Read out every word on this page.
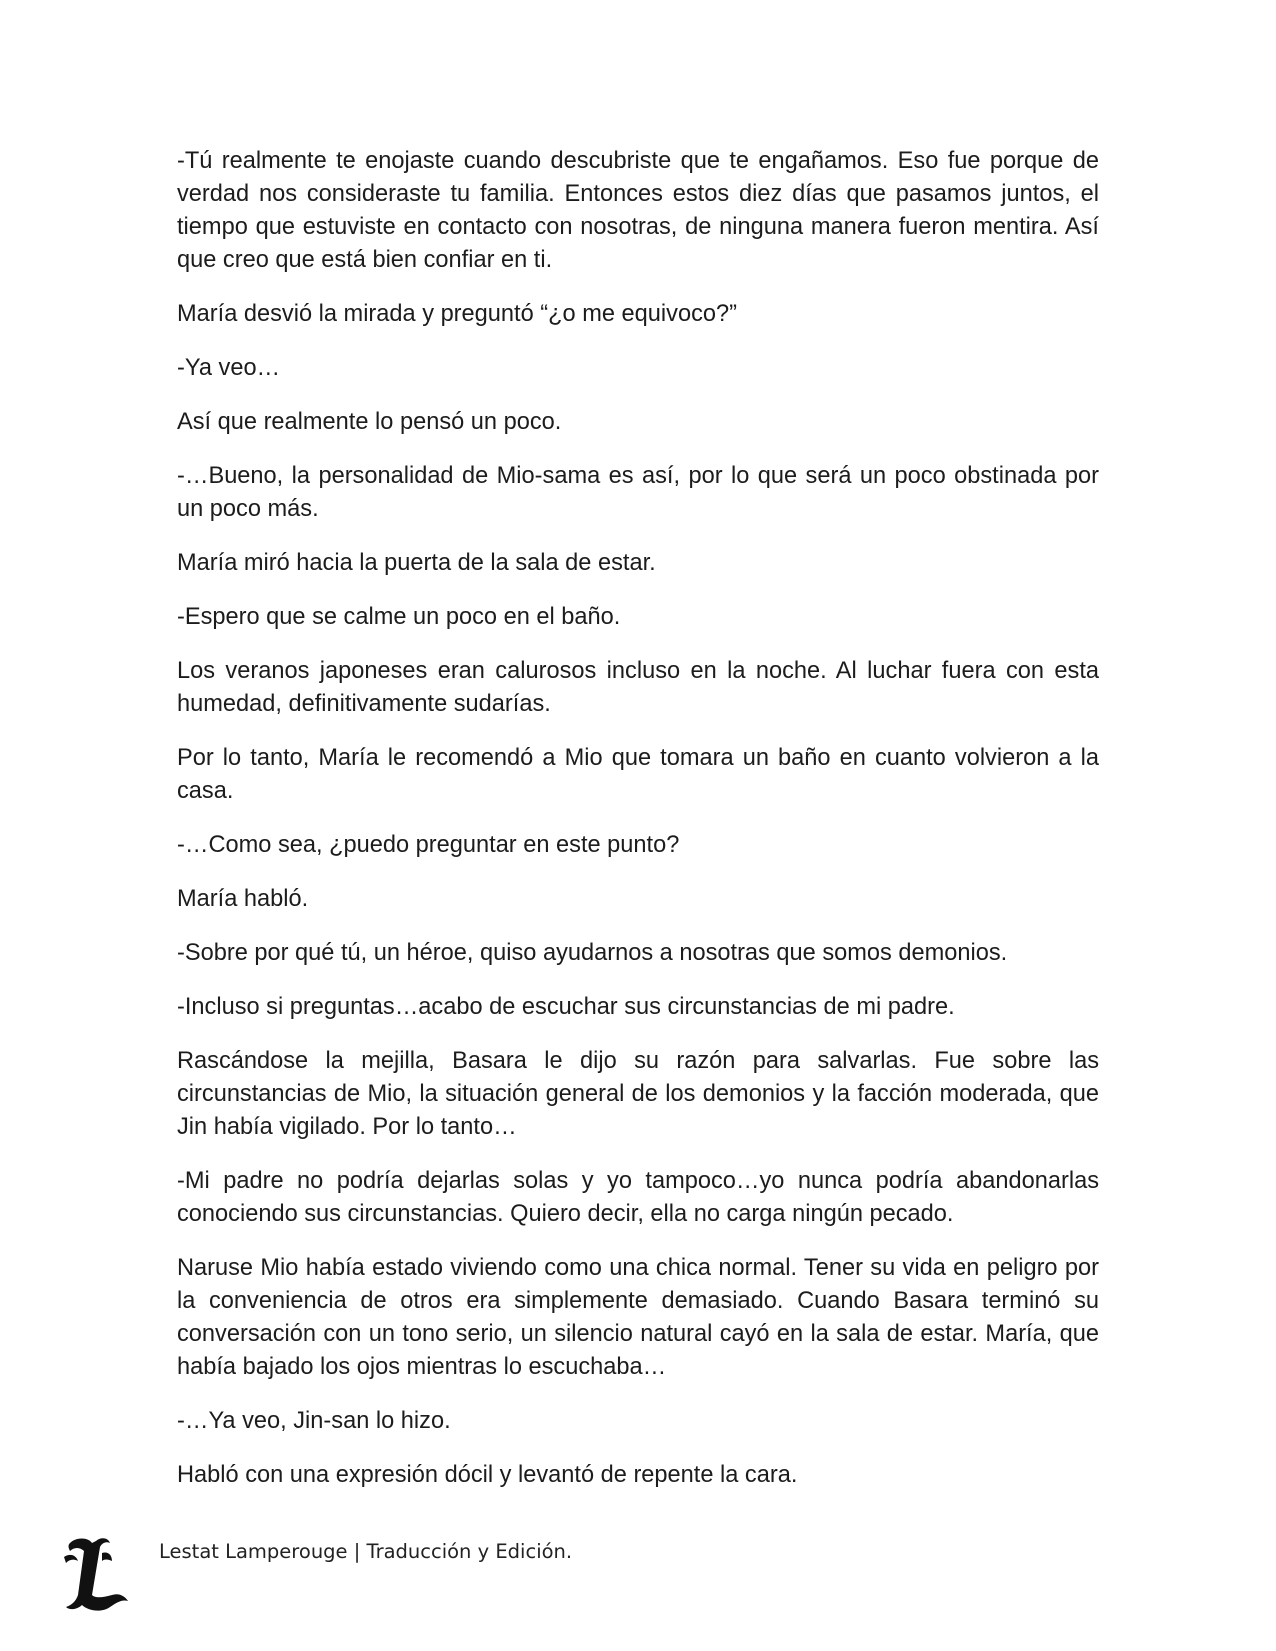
-Tú realmente te enojaste cuando descubriste que te engañamos. Eso fue porque de verdad nos consideraste tu familia. Entonces estos diez días que pasamos juntos, el tiempo que estuviste en contacto con nosotras, de ninguna manera fueron mentira. Así que creo que está bien confiar en ti.

María desvió la mirada y preguntó “¿o me equivoco?”

-Ya veo…

Así que realmente lo pensó un poco.

-…Bueno, la personalidad de Mio-sama es así, por lo que será un poco obstinada por un poco más.

María miró hacia la puerta de la sala de estar.

-Espero que se calme un poco en el baño.

Los veranos japoneses eran calurosos incluso en la noche. Al luchar fuera con esta humedad, definitivamente sudarías.

Por lo tanto, María le recomendó a Mio que tomara un baño en cuanto volvieron a la casa.

-…Como sea, ¿puedo preguntar en este punto?

María habló.

-Sobre por qué tú, un héroe, quiso ayudarnos a nosotras que somos demonios.

-Incluso si preguntas…acabo de escuchar sus circunstancias de mi padre.

Rascándose la mejilla, Basara le dijo su razón para salvarlas. Fue sobre las circunstancias de Mio, la situación general de los demonios y la facción moderada, que Jin había vigilado. Por lo tanto…

-Mi padre no podría dejarlas solas y yo tampoco…yo nunca podría abandonarlas conociendo sus circunstancias. Quiero decir, ella no carga ningún pecado.

Naruse Mio había estado viviendo como una chica normal. Tener su vida en peligro por la conveniencia de otros era simplemente demasiado. Cuando Basara terminó su conversación con un tono serio, un silencio natural cayó en la sala de estar. María, que había bajado los ojos mientras lo escuchaba…

-…Ya veo, Jin-san lo hizo.

Habló con una expresión dócil y levantó de repente la cara.

Lestat Lamperouge | Traducción y Edición.
